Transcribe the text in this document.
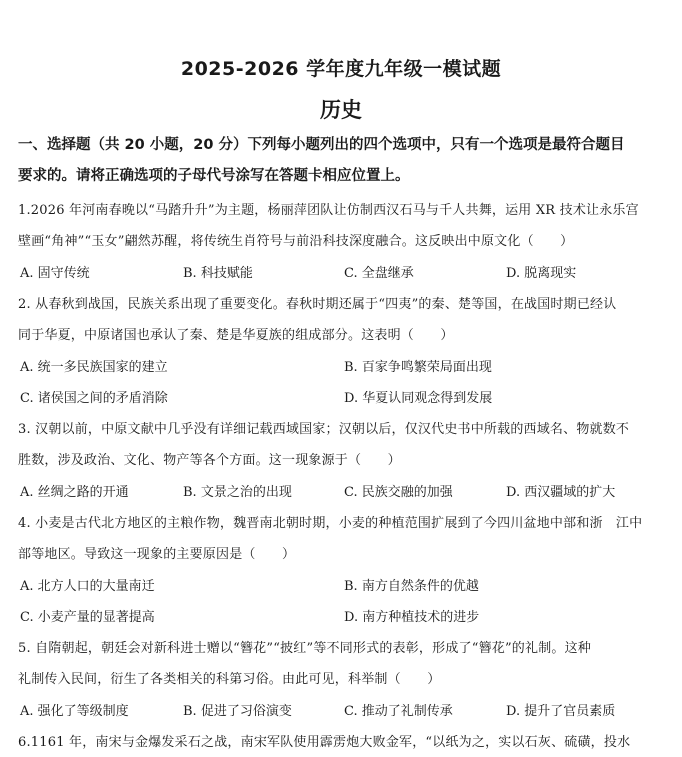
2025-2026 学年度九年级一模试题
历史
一、选择题（共 20 小题，20 分）下列每小题列出的四个选项中，只有一个选项是最符合题目
要求的。请将正确选项的子母代号涂写在答题卡相应位置上。
1.2026 年河南春晚以“马踏升升”为主题，杨丽萍团队让仿制西汉石马与千人共舞，运用 XR 技术让永乐宫
壁画“角神”“玉女”翩然苏醒，将传统生肖符号与前沿科技深度融合。这反映出中原文化（　　）
A. 固守传统	B. 科技赋能	C. 全盘继承	D. 脱离现实
2. 从春秋到战国，民族关系出现了重要变化。春秋时期还属于“四夷”的秦、楚等国，在战国时期已经认
同于华夏，中原诸国也承认了秦、楚是华夏族的组成部分。这表明（　　）
A. 统一多民族国家的建立	B. 百家争鸣繁荣局面出现
C. 诸侯国之间的矛盾消除	D. 华夏认同观念得到发展
3. 汉朝以前，中原文献中几乎没有详细记载西域国家；汉朝以后，仅汉代史书中所载的西域名、物就数不
胜数，涉及政治、文化、物产等各个方面。这一现象源于（　　）
A. 丝绸之路的开通	B. 文景之治的出现	C. 民族交融的加强	D. 西汉疆域的扩大
4. 小麦是古代北方地区的主粮作物，魏晋南北朝时期，小麦的种植范围扩展到了今四川盆地中部和浙　江中
部等地区。导致这一现象的主要原因是（　　）
A. 北方人口的大量南迁	B. 南方自然条件的优越
C. 小麦产量的显著提高	D. 南方种植技术的进步
5. 自隋朝起，朝廷会对新科进士赠以“簪花”“披红”等不同形式的表彰，形成了“簪花”的礼制。这种
礼制传入民间，衍生了各类相关的科第习俗。由此可见，科举制（　　）
A. 强化了等级制度	B. 促进了习俗演变	C. 推动了礼制传承	D. 提升了官员素质
6.1161 年，南宋与金爆发采石之战，南宋军队使用霹雳炮大败金军，“以纸为之，实以石灰、硫磺，投水
